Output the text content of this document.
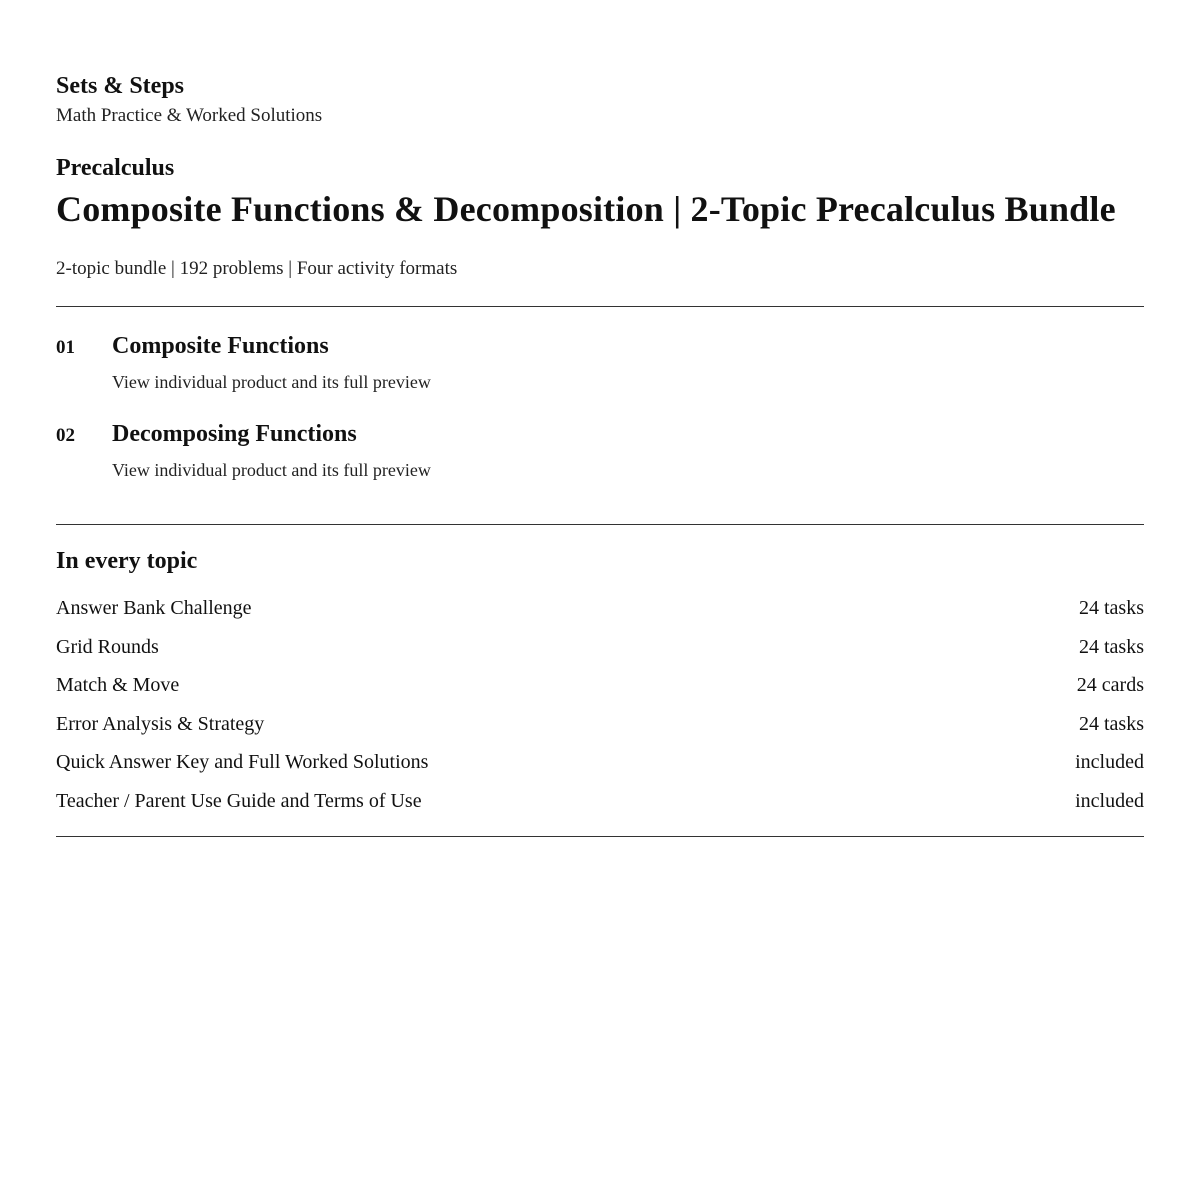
Sets & Steps

Math Practice & Worked Solutions

Precalculus

Composite Functions & Decomposition | 2-Topic Precalculus Bundle

2-topic bundle | 192 problems | Four activity formats

01	Composite Functions
View individual product and its full preview
02	Decomposing Functions
View individual product and its full preview
In every topic
Answer Bank Challenge	24 tasks
Grid Rounds	24 tasks
Match & Move	24 cards
Error Analysis & Strategy	24 tasks
Quick Answer Key and Full Worked Solutions	included
Teacher / Parent Use Guide and Terms of Use	included
